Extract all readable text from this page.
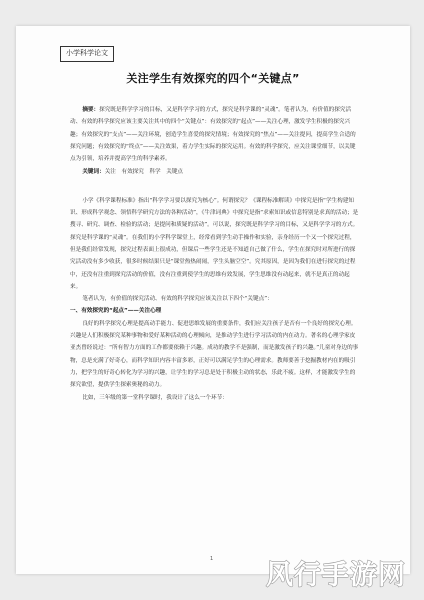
小学科学论文
关注学生有效探究的四个“关键点”

摘要：探究既是科学学习的目标，又是科学学习的方式，探究是科学课的“灵魂”。笔者认为，有价值的探究活动、有效的科学探究应该主要关注其中的四个“关键点”：有效探究的“起点”——关注心理，激发学生积极的探究兴趣；有效探究的“支点”——关注环境，创造学生喜爱的探究情境；有效探究的“焦点”——关注提问，提高学生合适的探究问题；有效探究的“终点”——关注效果，着力学生实际的探究运用。有效的科学探究，应关注课堂细节，以关键点为引领，培养并提高学生的科学素养。

关键词：关注　有效探究　科学　关键点

小学《科学课程标准》指出“科学学习要以探究为核心”。何谓探究？《课程标准解读》中探究是指“学生构建知识、形成科学观念、领悟科学研究方法的各种活动”，《牛津词典》中探究是指“求索知识或信息特别是求真的活动；是搜寻、研究、调查、检验的活动；是提问和质疑的活动”。可以说，探究既是科学学习的目标，又是科学学习的方式。探究是科学课的“灵魂”。在我们的小学科学课堂上，经常看到学生动手操作和实验，亲身经历一个又一个探究过程，但是我们经常发现，探究过程表面上很成功，但课后一些学生还是不知道自己做了什么，学生在探究时对所进行的探究活动没有多少收获，很多时候结果只是“课堂热热闹闹，学生头脑空空”。究其原因，是因为我们在进行探究的过程中，还没有注重到探究活动的价值，没有注重到使学生的思维有效发展，学生思维没有动起来，就不是真正的动起来。

笔者认为，有价值的探究活动、有效的科学探究应该关注以下四个“关键点”：

一、有效探究的“起点”——关注心理

良好的科学探究心理是提高动手能力、促进思维发展的重要条件，我们应关注孩子是否有一个良好的探究心理。兴趣是人们积极探究某种事物和爱好某种活动的心理倾向，是推动学生进行学习活动的内在动力。著名的心理学家皮亚杰曾经说过：“所有智力方面的工作都要依赖于兴趣。成功的教学不是强制，而是激发孩子的兴趣。”儿童对身边的事物，总是充满了好奇心，而科学知识内容丰富多彩，正好可以满足学生的心理需求。教师要善于挖掘教材内在的吸引力，把学生的好奇心转化为学习的兴趣，让学生的学习总是处于积极主动的状态，乐此不疲。这样，才能激发学生的探究欲望，提供学生探索奥秘的动力。

比如，三年级的第一堂科学课时，我设计了这么一个环节：

1
风行手游网
